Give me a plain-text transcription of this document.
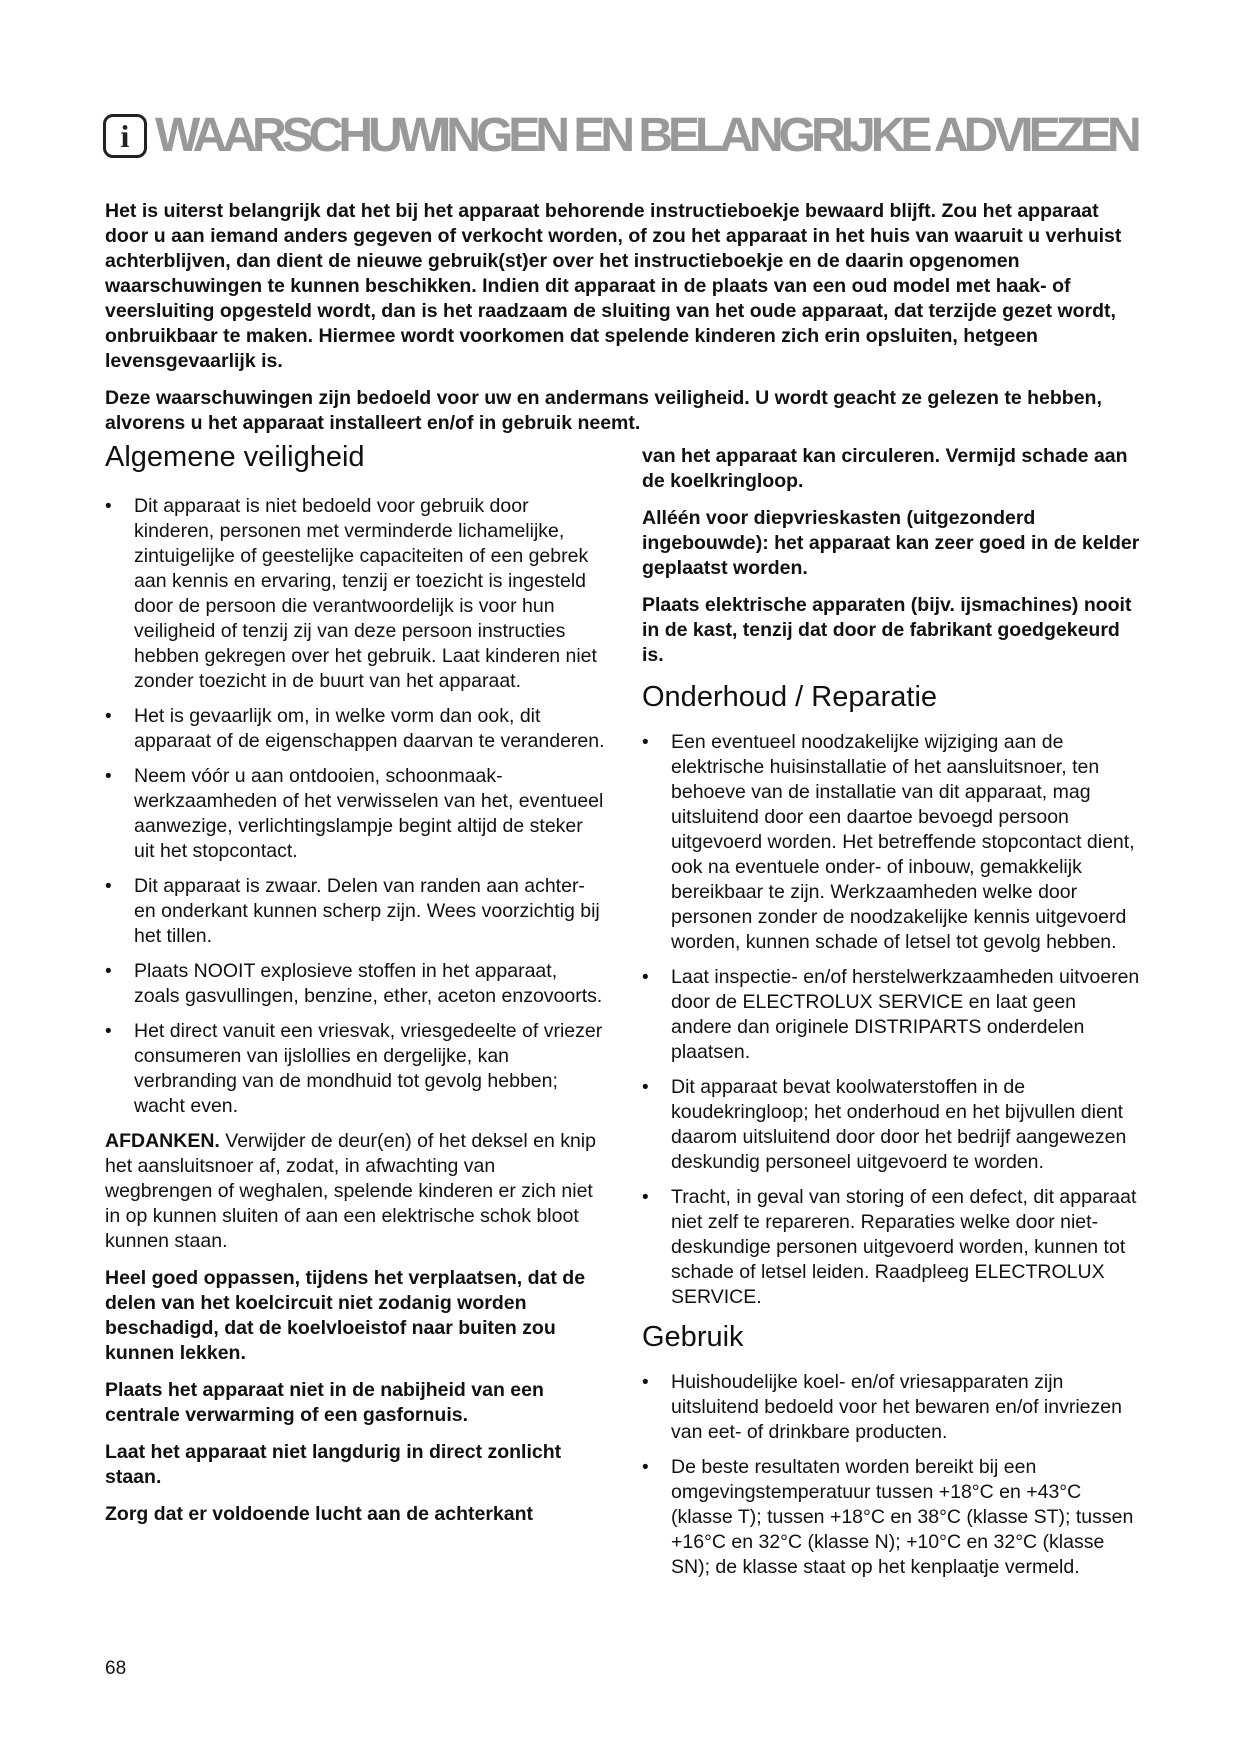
i WAARSCHUWINGEN EN BELANGRIJKE ADVIEZEN

Het is uiterst belangrijk dat het bij het apparaat behorende instructieboekje bewaard blijft. Zou het apparaat door u aan iemand anders gegeven of verkocht worden, of zou het apparaat in het huis van waaruit u verhuist achterblijven, dan dient de nieuwe gebruik(st)er over het instructieboekje en de daarin opgenomen waarschuwingen te kunnen beschikken. Indien dit apparaat in de plaats van een oud model met haak- of veersluiting opgesteld wordt, dan is het raadzaam de sluiting van het oude apparaat, dat terzijde gezet wordt, onbruikbaar te maken. Hiermee wordt voorkomen dat spelende kinderen zich erin opsluiten, hetgeen levensgevaarlijk is.

Deze waarschuwingen zijn bedoeld voor uw en andermans veiligheid. U wordt geacht ze gelezen te hebben, alvorens u het apparaat installeert en/of in gebruik neemt.

Algemene veiligheid
• Dit apparaat is niet bedoeld voor gebruik door kinderen, personen met verminderde lichamelijke, zintuigelijke of geestelijke capaciteiten of een gebrek aan kennis en ervaring, tenzij er toezicht is ingesteld door de persoon die verantwoordelijk is voor hun veiligheid of tenzij zij van deze persoon instructies hebben gekregen over het gebruik. Laat kinderen niet zonder toezicht in de buurt van het apparaat.
• Het is gevaarlijk om, in welke vorm dan ook, dit apparaat of de eigenschappen daarvan te veranderen.
• Neem vóór u aan ontdooien, schoonmaak- werkzaamheden of het verwisselen van het, eventueel aanwezige, verlichtingslampje begint altijd de steker uit het stopcontact.
• Dit apparaat is zwaar. Delen van randen aan achter- en onderkant kunnen scherp zijn. Wees voorzichtig bij het tillen.
• Plaats NOOIT explosieve stoffen in het apparaat, zoals gasvullingen, benzine, ether, aceton enzovoorts.
• Het direct vanuit een vriesvak, vriesgedeelte of vriezer consumeren van ijslollies en dergelijke, kan verbranding van de mondhuid tot gevolg hebben; wacht even.

AFDANKEN. Verwijder de deur(en) of het deksel en knip het aansluitsnoer af, zodat, in afwachting van wegbrengen of weghalen, spelende kinderen er zich niet in op kunnen sluiten of aan een elektrische schok bloot kunnen staan.

Heel goed oppassen, tijdens het verplaatsen, dat de delen van het koelcircuit niet zodanig worden beschadigd, dat de koelvloeistof naar buiten zou kunnen lekken.

Plaats het apparaat niet in de nabijheid van een centrale verwarming of een gasfornuis.

Laat het apparaat niet langdurig in direct zonlicht staan.

Zorg dat er voldoende lucht aan de achterkant

van het apparaat kan circuleren. Vermijd schade aan de koelkringloop.

Alléén voor diepvrieskasten (uitgezonderd ingebouwde): het apparaat kan zeer goed in de kelder geplaatst worden.

Plaats elektrische apparaten (bijv. ijsmachines) nooit in de kast, tenzij dat door de fabrikant goedgekeurd is.

Onderhoud / Reparatie
• Een eventueel noodzakelijke wijziging aan de elektrische huisinstallatie of het aansluitsnoer, ten behoeve van de installatie van dit apparaat, mag uitsluitend door een daartoe bevoegd persoon uitgevoerd worden. Het betreffende stopcontact dient, ook na eventuele onder- of inbouw, gemakkelijk bereikbaar te zijn. Werkzaamheden welke door personen zonder de noodzakelijke kennis uitgevoerd worden, kunnen schade of letsel tot gevolg hebben.
• Laat inspectie- en/of herstelwerkzaamheden uitvoeren door de ELECTROLUX SERVICE en laat geen andere dan originele DISTRIPARTS onderdelen plaatsen.
• Dit apparaat bevat koolwaterstoffen in de koudekringloop; het onderhoud en het bijvullen dient daarom uitsluitend door door het bedrijf aangewezen deskundig personeel uitgevoerd te worden.
• Tracht, in geval van storing of een defect, dit apparaat niet zelf te repareren. Reparaties welke door niet-deskundige personen uitgevoerd worden, kunnen tot schade of letsel leiden. Raadpleeg ELECTROLUX SERVICE.
Gebruik
• Huishoudelijke koel- en/of vriesapparaten zijn uitsluitend bedoeld voor het bewaren en/of invriezen van eet- of drinkbare producten.
• De beste resultaten worden bereikt bij een omgevingstemperatuur tussen +18°C en +43°C (klasse T); tussen +18°C en 38°C (klasse ST); tussen +16°C en 32°C (klasse N); +10°C en 32°C (klasse SN); de klasse staat op het kenplaatje vermeld.
68
